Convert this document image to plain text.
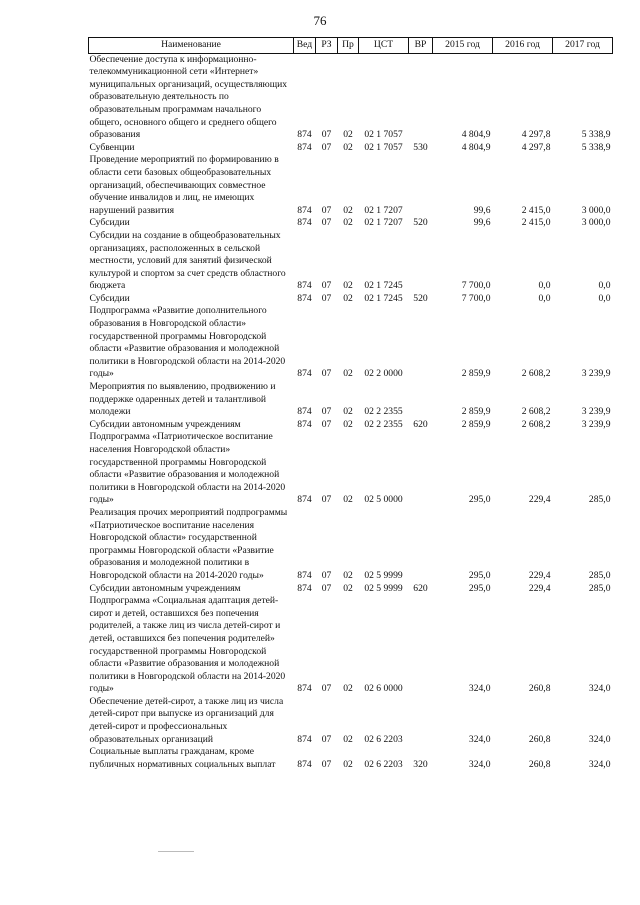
76
Наименование	Вед	РЗ	Пр	ЦСТ	ВР	2015 год	2016 год	2017 год
Обеспечение доступа к информационно-телекоммуникационной сети «Интернет» муниципальных организаций, осуществляющих образовательную деятельность по образовательным программам начального общего, основного общего и среднего общего образования	874	07	02	02 1 7057		4 804,9	4 297,8	5 338,9
Субвенции	874	07	02	02 1 7057	530	4 804,9	4 297,8	5 338,9
Проведение мероприятий по формированию в области сети базовых общеобразовательных организаций, обеспечивающих совместное обучение инвалидов и лиц, не имеющих нарушений развития	874	07	02	02 1 7207		99,6	2 415,0	3 000,0
Субсидии	874	07	02	02 1 7207	520	99,6	2 415,0	3 000,0
Субсидии на создание в общеобразовательных организациях, расположенных в сельской местности, условий для занятий физической культурой и спортом за счет средств областного бюджета	874	07	02	02 1 7245		7 700,0	0,0	0,0
Субсидии	874	07	02	02 1 7245	520	7 700,0	0,0	0,0
Подпрограмма «Развитие дополнительного образования в Новгородской области» государственной программы Новгородской области «Развитие образования и молодежной политики в Новгородской области на 2014-2020 годы»	874	07	02	02 2 0000		2 859,9	2 608,2	3 239,9
Мероприятия по выявлению, продвижению и поддержке одаренных детей и талантливой молодежи	874	07	02	02 2 2355		2 859,9	2 608,2	3 239,9
Субсидии автономным учреждениям	874	07	02	02 2 2355	620	2 859,9	2 608,2	3 239,9
Подпрограмма «Патриотическое воспитание населения Новгородской области» государственной программы Новгородской области «Развитие образования и молодежной политики в Новгородской области на 2014-2020 годы»	874	07	02	02 5 0000		295,0	229,4	285,0
Реализация прочих мероприятий подпрограммы «Патриотическое воспитание населения Новгородской области» государственной программы Новгородской области «Развитие образования и молодежной политики в Новгородской области на 2014-2020 годы»	874	07	02	02 5 9999		295,0	229,4	285,0
Субсидии автономным учреждениям	874	07	02	02 5 9999	620	295,0	229,4	285,0
Подпрограмма «Социальная адаптация детей-сирот и детей, оставшихся без попечения родителей, а также лиц из числа детей-сирот и детей, оставшихся без попечения родителей» государственной программы Новгородской области «Развитие образования и молодежной политики в Новгородской области на 2014-2020 годы»	874	07	02	02 6 0000		324,0	260,8	324,0
Обеспечение детей-сирот, а также лиц из числа детей-сирот при выпуске из организаций для детей-сирот и профессиональных образовательных организаций	874	07	02	02 6 2203		324,0	260,8	324,0
Социальные выплаты гражданам, кроме публичных нормативных социальных выплат	874	07	02	02 6 2203	320	324,0	260,8	324,0
